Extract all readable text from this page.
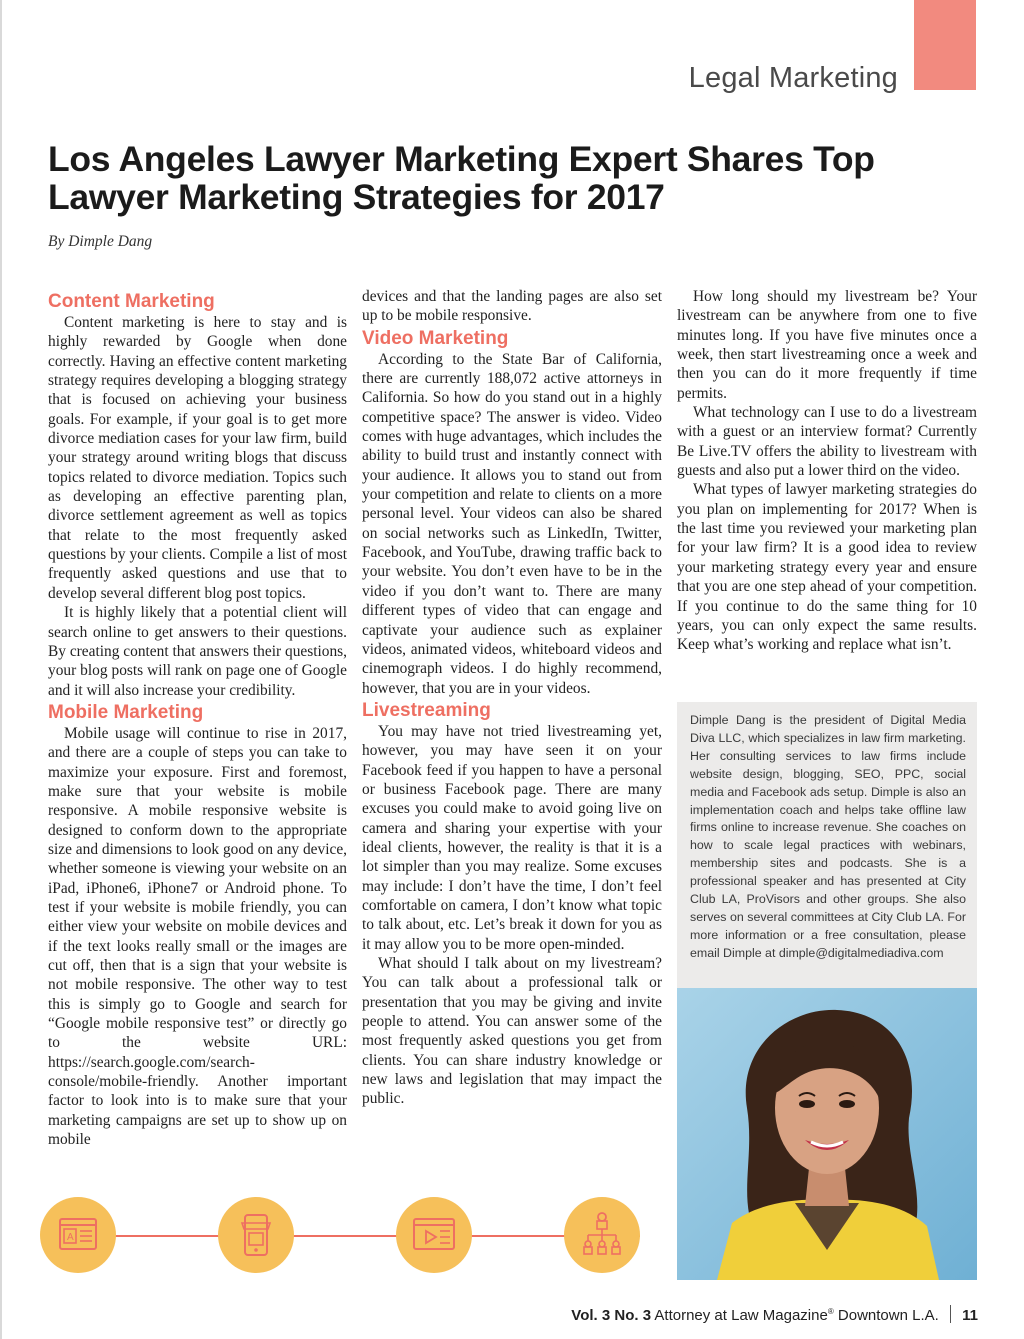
Legal Marketing
Los Angeles Lawyer Marketing Expert Shares Top
Lawyer Marketing Strategies for 2017
By Dimple Dang
Content Marketing

Content marketing is here to stay and is highly rewarded by Google when done correctly. Having an effective content marketing strategy requires developing a blogging strategy that is focused on achieving your business goals. For example, if your goal is to get more divorce mediation cases for your law firm, build your strategy around writing blogs that discuss topics related to divorce mediation. Topics such as developing an effective parenting plan, divorce settlement agreement as well as topics that relate to the most frequently asked questions by your clients. Compile a list of most frequently asked questions and use that to develop several different blog post topics.

It is highly likely that a potential client will search online to get answers to their questions. By creating content that answers their questions, your blog posts will rank on page one of Google and it will also increase your credibility.

Mobile Marketing

Mobile usage will continue to rise in 2017, and there are a couple of steps you can take to maximize your exposure. First and foremost, make sure that your website is mobile responsive. A mobile responsive website is designed to conform down to the appropriate size and dimensions to look good on any device, whether someone is viewing your website on an iPad, iPhone6, iPhone7 or Android phone. To test if your website is mobile friendly, you can either view your website on mobile devices and if the text looks really small or the images are cut off, then that is a sign that your website is not mobile responsive. The other way to test this is simply go to Google and search for “Google mobile responsive test” or directly go to the website URL: https://search.google.com/search-console/mobile-friendly. Another important factor to look into is to make sure that your marketing campaigns are set up to show up on mobile

devices and that the landing pages are also set up to be mobile responsive.

Video Marketing

According to the State Bar of California, there are currently 188,072 active attorneys in California. So how do you stand out in a highly competitive space? The answer is video. Video comes with huge advantages, which includes the ability to build trust and instantly connect with your audience. It allows you to stand out from your competition and relate to clients on a more personal level. Your videos can also be shared on social networks such as LinkedIn, Twitter, Facebook, and YouTube, drawing traffic back to your website. You don’t even have to be in the video if you don’t want to. There are many different types of video that can engage and captivate your audience such as explainer videos, animated videos, whiteboard videos and cinemograph videos. I do highly recommend, however, that you are in your videos.

Livestreaming

You may have not tried livestreaming yet, however, you may have seen it on your Facebook feed if you happen to have a personal or business Facebook page. There are many excuses you could make to avoid going live on camera and sharing your expertise with your ideal clients, however, the reality is that it is a lot simpler than you may realize. Some excuses may include: I don’t have the time, I don’t feel comfortable on camera, I don’t know what topic to talk about, etc. Let’s break it down for you as it may allow you to be more open-minded.

What should I talk about on my livestream? You can talk about a professional talk or presentation that you may be giving and invite people to attend. You can answer some of the most frequently asked questions you get from clients. You can share industry knowledge or new laws and legislation that may impact the public.

How long should my livestream be? Your livestream can be anywhere from one to five minutes long. If you have five minutes once a week, then start livestreaming once a week and then you can do it more frequently if time permits.

What technology can I use to do a livestream with a guest or an interview format? Currently Be Live.TV offers the ability to livestream with guests and also put a lower third on the video.

What types of lawyer marketing strategies do you plan on implementing for 2017? When is the last time you reviewed your marketing plan for your law firm? It is a good idea to review your marketing strategy every year and ensure that you are one step ahead of your competition. If you continue to do the same thing for 10 years, you can only expect the same results. Keep what’s working and replace what isn’t.

Dimple Dang is the president of Digital Media Diva LLC, which specializes in law firm marketing. Her consulting services to law firms include website design, blogging, SEO, PPC, social media and Facebook ads setup. Dimple is also an implementation coach and helps take offline law firms online to increase revenue. She coaches on how to scale legal practices with webinars, membership sites and podcasts. She is a professional speaker and has presented at City Club LA, ProVisors and other groups. She also serves on several committees at City Club LA. For more information or a free consultation, please email Dimple at dimple@digitalmediadiva.com
A
Vol. 3 No. 3 Attorney at Law Magazine® Downtown L.A. 11
